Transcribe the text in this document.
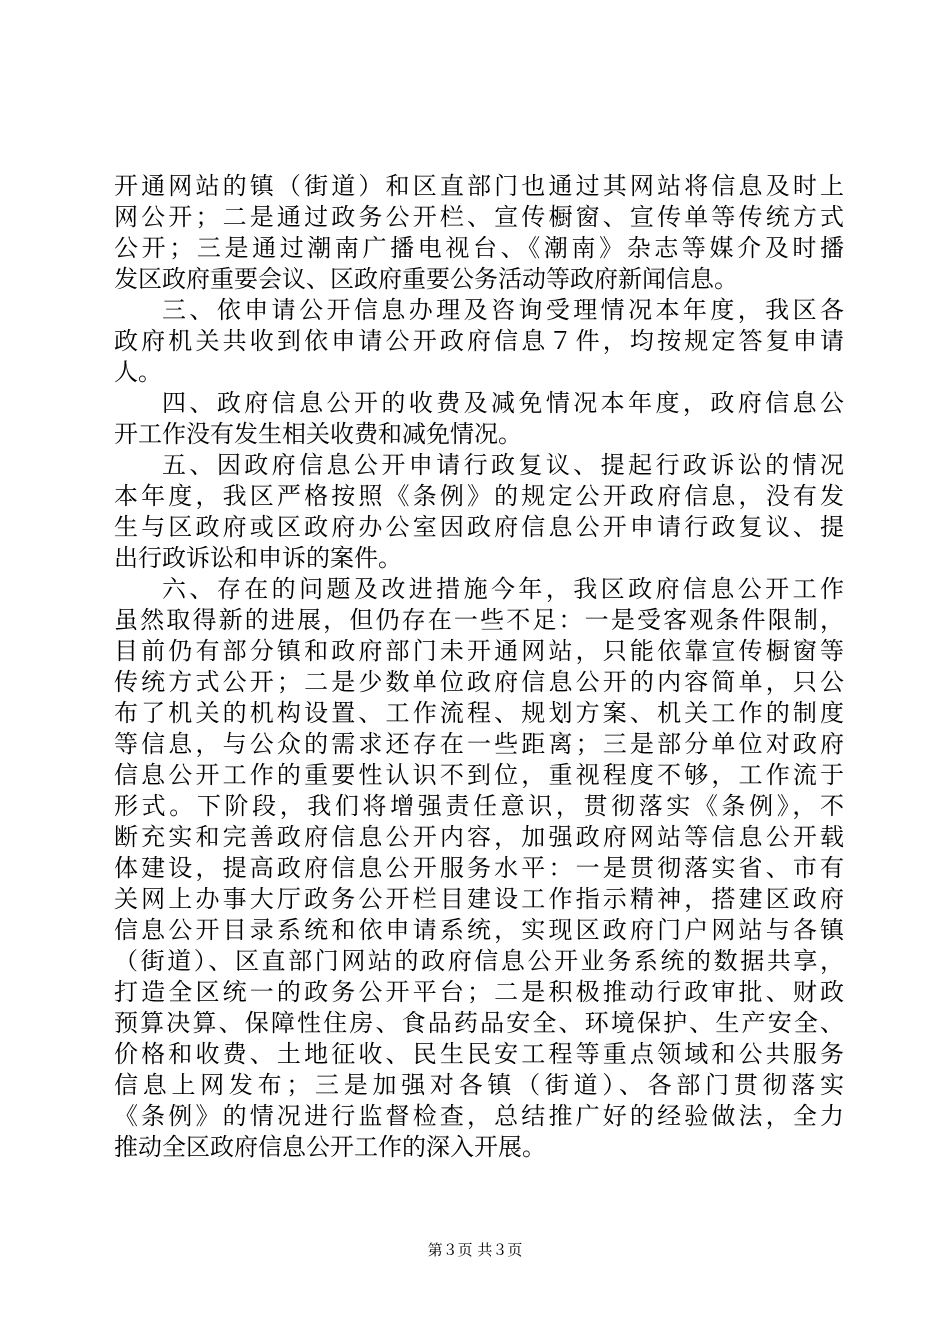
开通网站的镇（街道）和区直部门也通过其网站将信息及时上
网公开；二是通过政务公开栏、宣传橱窗、宣传单等传统方式
公开；三是通过潮南广播电视台、《潮南》杂志等媒介及时播
发区政府重要会议、区政府重要公务活动等政府新闻信息。
三、依申请公开信息办理及咨询受理情况本年度，我区各
政府机关共收到依申请公开政府信息７件，均按规定答复申请
人。
四、政府信息公开的收费及减免情况本年度，政府信息公
开工作没有发生相关收费和减免情况。
五、因政府信息公开申请行政复议、提起行政诉讼的情况
本年度，我区严格按照《条例》的规定公开政府信息，没有发
生与区政府或区政府办公室因政府信息公开申请行政复议、提
出行政诉讼和申诉的案件。
六、存在的问题及改进措施今年，我区政府信息公开工作
虽然取得新的进展，但仍存在一些不足：一是受客观条件限制，
目前仍有部分镇和政府部门未开通网站，只能依靠宣传橱窗等
传统方式公开；二是少数单位政府信息公开的内容简单，只公
布了机关的机构设置、工作流程、规划方案、机关工作的制度
等信息，与公众的需求还存在一些距离；三是部分单位对政府
信息公开工作的重要性认识不到位，重视程度不够，工作流于
形式。下阶段，我们将增强责任意识，贯彻落实《条例》，不
断充实和完善政府信息公开内容，加强政府网站等信息公开载
体建设，提高政府信息公开服务水平：一是贯彻落实省、市有
关网上办事大厅政务公开栏目建设工作指示精神，搭建区政府
信息公开目录系统和依申请系统，实现区政府门户网站与各镇
（街道）、区直部门网站的政府信息公开业务系统的数据共享，
打造全区统一的政务公开平台；二是积极推动行政审批、财政
预算决算、保障性住房、食品药品安全、环境保护、生产安全、
价格和收费、土地征收、民生民安工程等重点领域和公共服务
信息上网发布；三是加强对各镇（街道）、各部门贯彻落实
《条例》的情况进行监督检查，总结推广好的经验做法，全力
推动全区政府信息公开工作的深入开展。
第３页 共３页
